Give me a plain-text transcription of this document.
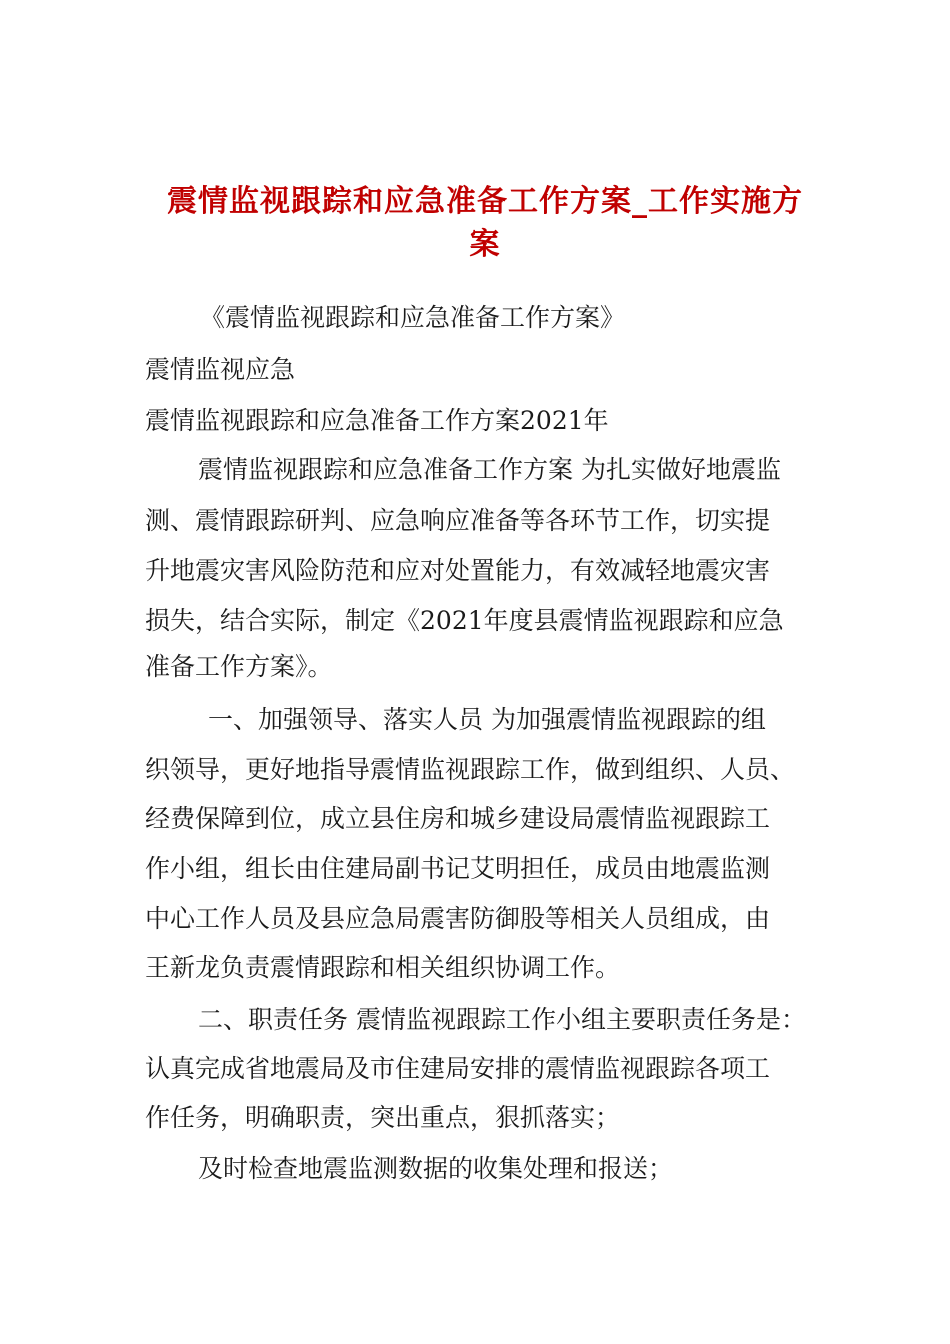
震情监视跟踪和应急准备工作方案_工作实施方
案
《震情监视跟踪和应急准备工作方案》
震情监视应急
震情监视跟踪和应急准备工作方案2021年
震情监视跟踪和应急准备工作方案 为扎实做好地震监
测、震情跟踪研判、应急响应准备等各环节工作，切实提
升地震灾害风险防范和应对处置能力，有效减轻地震灾害
损失，结合实际，制定《2021年度县震情监视跟踪和应急
准备工作方案》。
一、加强领导、落实人员 为加强震情监视跟踪的组
织领导，更好地指导震情监视跟踪工作，做到组织、人员、
经费保障到位，成立县住房和城乡建设局震情监视跟踪工
作小组，组长由住建局副书记艾明担任，成员由地震监测
中心工作人员及县应急局震害防御股等相关人员组成，由
王新龙负责震情跟踪和相关组织协调工作。
二、职责任务 震情监视跟踪工作小组主要职责任务是：
认真完成省地震局及市住建局安排的震情监视跟踪各项工
作任务，明确职责，突出重点，狠抓落实；
及时检查地震监测数据的收集处理和报送；
